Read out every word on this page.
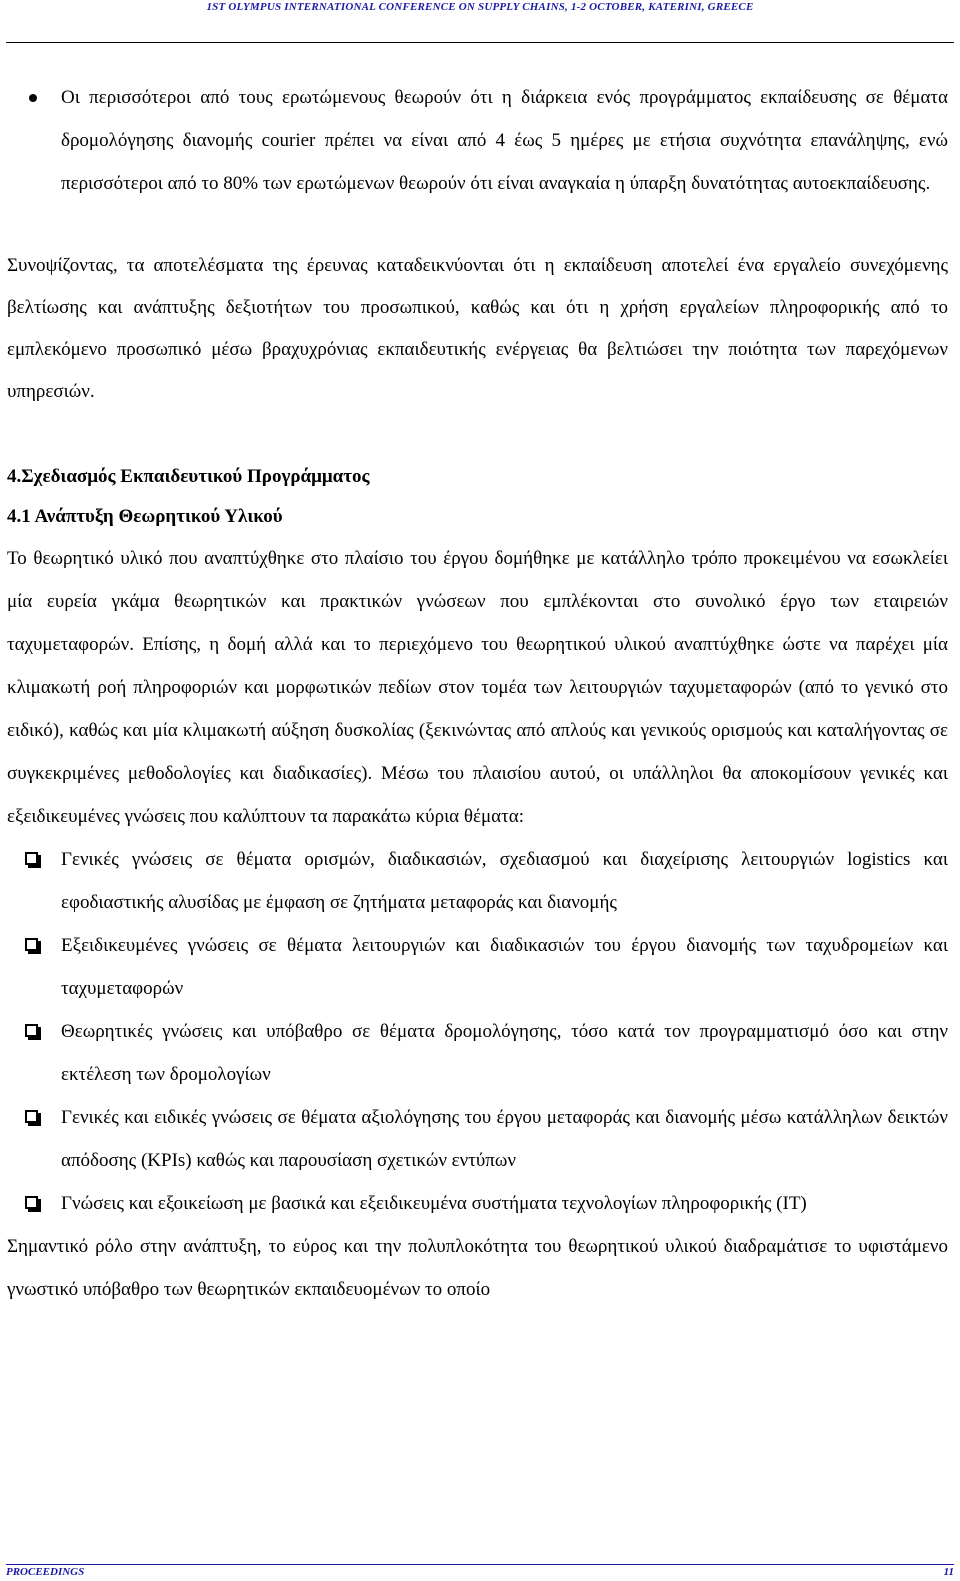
1ST OLYMPUS INTERNATIONAL CONFERENCE ON SUPPLY CHAINS, 1-2 OCTOBER, KATERINI, GREECE
Οι περισσότεροι από τους ερωτώμενους θεωρούν ότι η διάρκεια ενός προγράμματος εκπαίδευσης σε θέματα δρομολόγησης διανομής courier πρέπει να είναι από 4 έως 5 ημέρες με ετήσια συχνότητα επανάληψης, ενώ περισσότεροι από το 80% των ερωτώμενων θεωρούν ότι είναι αναγκαία η ύπαρξη δυνατότητας αυτοεκπαίδευσης.

Συνοψίζοντας, τα αποτελέσματα της έρευνας καταδεικνύονται ότι η εκπαίδευση αποτελεί ένα εργαλείο συνεχόμενης βελτίωσης και ανάπτυξης δεξιοτήτων του προσωπικού, καθώς και ότι η χρήση εργαλείων πληροφορικής από το εμπλεκόμενο προσωπικό μέσω βραχυχρόνιας εκπαιδευτικής ενέργειας θα βελτιώσει την ποιότητα των παρεχόμενων υπηρεσιών.

4.Σχεδιασμός Εκπαιδευτικού Προγράμματος
4.1 Ανάπτυξη Θεωρητικού Υλικού

Το θεωρητικό υλικό που αναπτύχθηκε στο πλαίσιο του έργου δομήθηκε με κατάλληλο τρόπο προκειμένου να εσωκλείει μία ευρεία γκάμα θεωρητικών και πρακτικών γνώσεων που εμπλέκονται στο συνολικό έργο των εταιρειών ταχυμεταφορών. Επίσης, η δομή αλλά και το περιεχόμενο του θεωρητικού υλικού αναπτύχθηκε ώστε να παρέχει μία κλιμακωτή ροή πληροφοριών και μορφωτικών πεδίων στον τομέα των λειτουργιών ταχυμεταφορών (από το γενικό στο ειδικό), καθώς και μία κλιμακωτή αύξηση δυσκολίας (ξεκινώντας από απλούς και γενικούς ορισμούς και καταλήγοντας σε συγκεκριμένες μεθοδολογίες και διαδικασίες). Μέσω του πλαισίου αυτού, οι υπάλληλοι θα αποκομίσουν γενικές και εξειδικευμένες γνώσεις που καλύπτουν τα παρακάτω κύρια θέματα:

Γενικές γνώσεις σε θέματα ορισμών, διαδικασιών, σχεδιασμού και διαχείρισης λειτουργιών logistics και εφοδιαστικής αλυσίδας με έμφαση σε ζητήματα μεταφοράς και διανομής
Εξειδικευμένες γνώσεις σε θέματα λειτουργιών και διαδικασιών του έργου διανομής των ταχυδρομείων και ταχυμεταφορών
Θεωρητικές γνώσεις και υπόβαθρο σε θέματα δρομολόγησης, τόσο κατά τον προγραμματισμό όσο και στην εκτέλεση των δρομολογίων
Γενικές και ειδικές γνώσεις σε θέματα αξιολόγησης του έργου μεταφοράς και διανομής μέσω κατάλληλων δεικτών απόδοσης (KPIs) καθώς και παρουσίαση σχετικών εντύπων
Γνώσεις και εξοικείωση με βασικά και εξειδικευμένα συστήματα τεχνολογίων πληροφορικής (IT)

Σημαντικό ρόλο στην ανάπτυξη, το εύρος και την πολυπλοκότητα του θεωρητικού υλικού διαδραμάτισε το υφιστάμενο γνωστικό υπόβαθρο των θεωρητικών εκπαιδευομένων το οποίο

PROCEEDINGS	11
